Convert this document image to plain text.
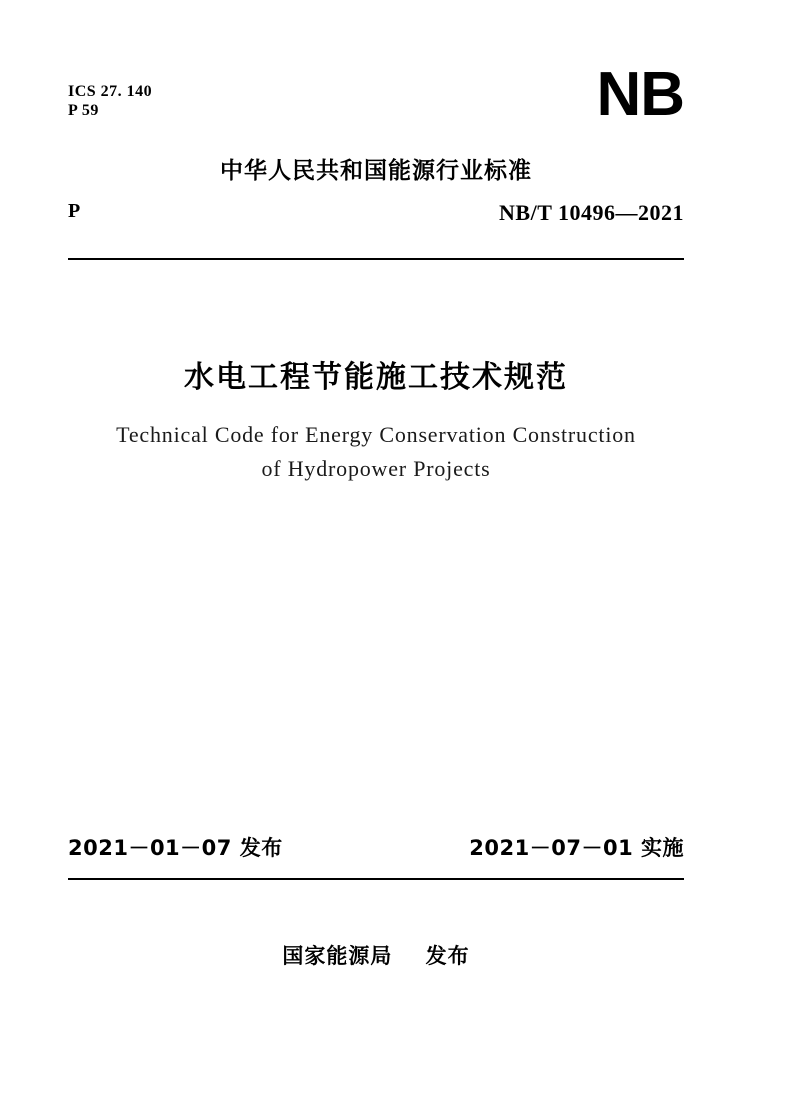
ICS 27. 140
P 59	NB
中华人民共和国能源行业标准
P	NB/T 10496—2021
水电工程节能施工技术规范
Technical Code for Energy Conservation Construction
of Hydropower Projects
2021－01－07 发布	2021－07－01 实施
国家能源局    发布
